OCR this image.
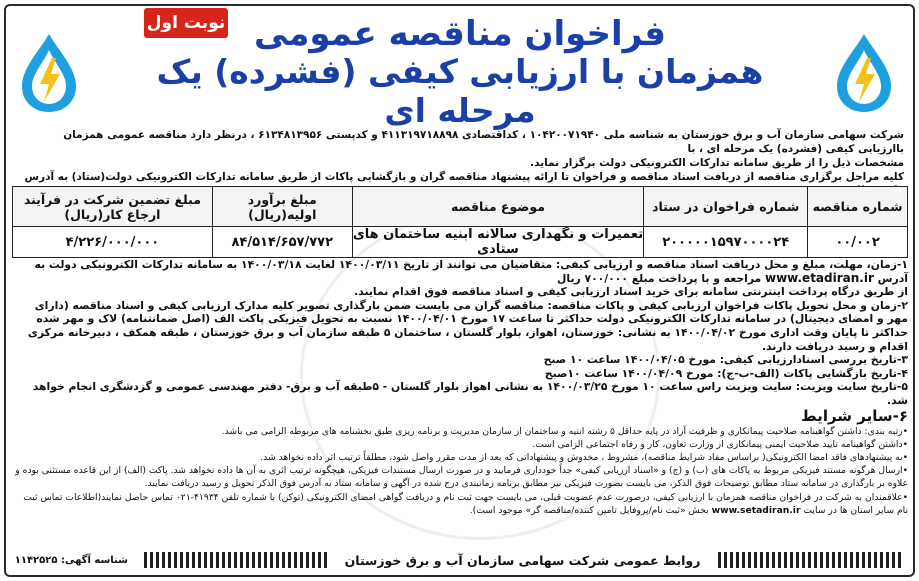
نوبت اول فراخوان مناقصه عمومی
همزمان با ارزیابی کیفی (فشرده) یک مرحله ای
شرکت سهامی سازمان آب و برق خوزستان به شناسه ملی ۱۰۴۲۰۰۷۱۹۴۰ ، کداقتصادی ۴۱۱۳۱۹۷۱۸۸۹۸ و کدپستی ۶۱۳۴۸۱۳۹۵۶ ، درنظر دارد مناقصه عمومی همزمان باارزیابی کیفی (فشرده) یک مرحله ای ، با
مشخصات ذیل را از طریق سامانه تدارکات الکترونیکی دولت برگزار نماید.
کلیه مراحل برگزاری مناقصه از دریافت اسناد مناقصه و فراخوان تا ارائه پیشنهاد مناقصه گران و بازگشایی پاکات از طریق سامانه تدارکات الکترونیکی دولت(ستاد) به آدرس
شماره مناقصه	شماره فراخوان در ستاد	موضوع مناقصه	مبلغ برآورد اولیه(ریال)	مبلغ تضمین شرکت در فرآیند ارجاع کار(ریال)
۰۰/۰۰۲	۲۰۰۰۰۰۱۵۹۷۰۰۰۰۲۴	تعمیرات و نگهداری سالانه ابنیه ساختمان های ستادی	۸۴/۵۱۴/۶۵۷/۷۷۲	۴/۲۲۶/۰۰۰/۰۰۰

۱-زمان، مهلت، مبلغ و محل دریافت اسناد مناقصه و ارزیابی کیفی: متقاضیان می توانند از تاریخ ۱۴۰۰/۰۳/۱۱ لغایت ۱۴۰۰/۰۳/۱۸ به سامانه تدارکات الکترونیکی دولت به آدرس www.etadiran.ir مراجعه و با پرداخت مبلغ ۷۰۰/۰۰۰ ریال

از طریق درگاه پرداخت اینترنتی سامانه برای خرید اسناد ارزیابی کیفی و اسناد مناقصه فوق اقدام نمایند.

۲-زمان و محل تحویل پاکات فراخوان ارزیابی کیفی و پاکات مناقصه: مناقصه گران می بایست ضمن بارگذاری تصویر کلیه مدارک ارزیابی کیفی و اسناد مناقصه (دارای مهر و امضای دیجیتال) در سامانه تدارکات الکترونیکی دولت حداکثر تا ساعت ۱۷ مورخ ۱۴۰۰/۰۴/۰۱ نسبت به تحویل فیزیکی پاکت الف (اصل ضمانتنامه) لاک و مهر شده حداکثر تا پایان وقت اداری مورخ ۱۴۰۰/۰۴/۰۲ به نشانی: خوزستان، اهواز، بلوار گلستان ، ساختمان ۵ طبقه سازمان آب و برق خوزستان ، طبقه همکف ، دبیرخانه مرکزی اقدام و رسید دریافت دارند.

۳-تاریخ بررسی اسنادارزیابی کیفی: مورخ ۱۴۰۰/۰۴/۰۵ ساعت ۱۰ صبح

۴-تاریخ بازگشایی پاکات (الف-ب-ج): مورخ ۱۴۰۰/۰۴/۰۹ ساعت ۱۰صبح

۵-تاریخ سایت ویزیت: سایت ویزیت راس ساعت ۱۰ مورخ ۱۴۰۰/۰۳/۲۵ به نشانی اهواز بلوار گلستان - ۵طبقه آب و برق- دفتر مهندسی عمومی و گزدشگری انجام خواهد شد.

۶-سایر شرایط

•رتبه بندی: داشتن گواهینامه صلاحیت پیمانکاری و ظرفیت آزاد در پایه حداقل ۵ رشته ابنیه و ساختمان از سازمان مدیریت و برنامه ریزی طبق بخشنامه های مربوطه الزامی می باشد.

•داشتن گواهینامه تایید صلاحیت ایمنی پیمانکاری از وزارت تعاون، کار و رفاه اجتماعی الزامی است.

•به پیشنهادهای فاقد امضا الکترونیکی( براساس مفاد شرایط مناقصه)، مشروط ، مخدوش و پیشنهاداتی که بعد از مدت مقرر واصل شود، مطلقاً ترتیب اثر داده نخواهد شد.

•ارسال هرگونه مستند فیزیکی مربوط به پاکات های (ب) و (ج) و «اسناد ارزیابی کیفی» جداً خودداری فرمایید و در صورت ارسال مستندات فیزیکی، هیچگونه ترتیب اثری به آن ها داده نخواهد شد. پاکت (الف) از این قاعده مستثنی بوده و علاوه بر بارگذاری در سامانه ستاد مطابق توضیحات فوق الذکر، می بایست بصورت فیزیکی نیز مطابق برنامه زمانبندی درج شده در آگهی و سامانه ستاد به آدرس فوق الذکر تحویل و رسید دریافت نمایند.

•علاقمندان به شرکت در فراخوان مناقصه همزمان با ارزیابی کیفی، درصورت عدم عضویت قبلی، می بایست جهت ثبت نام و دریافت گواهی امضای الکترونیکی (توکن) با شماره تلفن ۴۱۹۳۴-۰۲۱ تماس حاصل نمایند(اطلاعات تماس ثبت

نام سایر استان ها در سایت www.setadiran.ir بخش «ثبت نام/پروفایل تامین کننده/مناقصه گر» موجود است).

روابط عمومی شرکت سهامی سازمان آب و برق خوزستان
شناسه آگهی: ۱۱۴۲۵۲۵
